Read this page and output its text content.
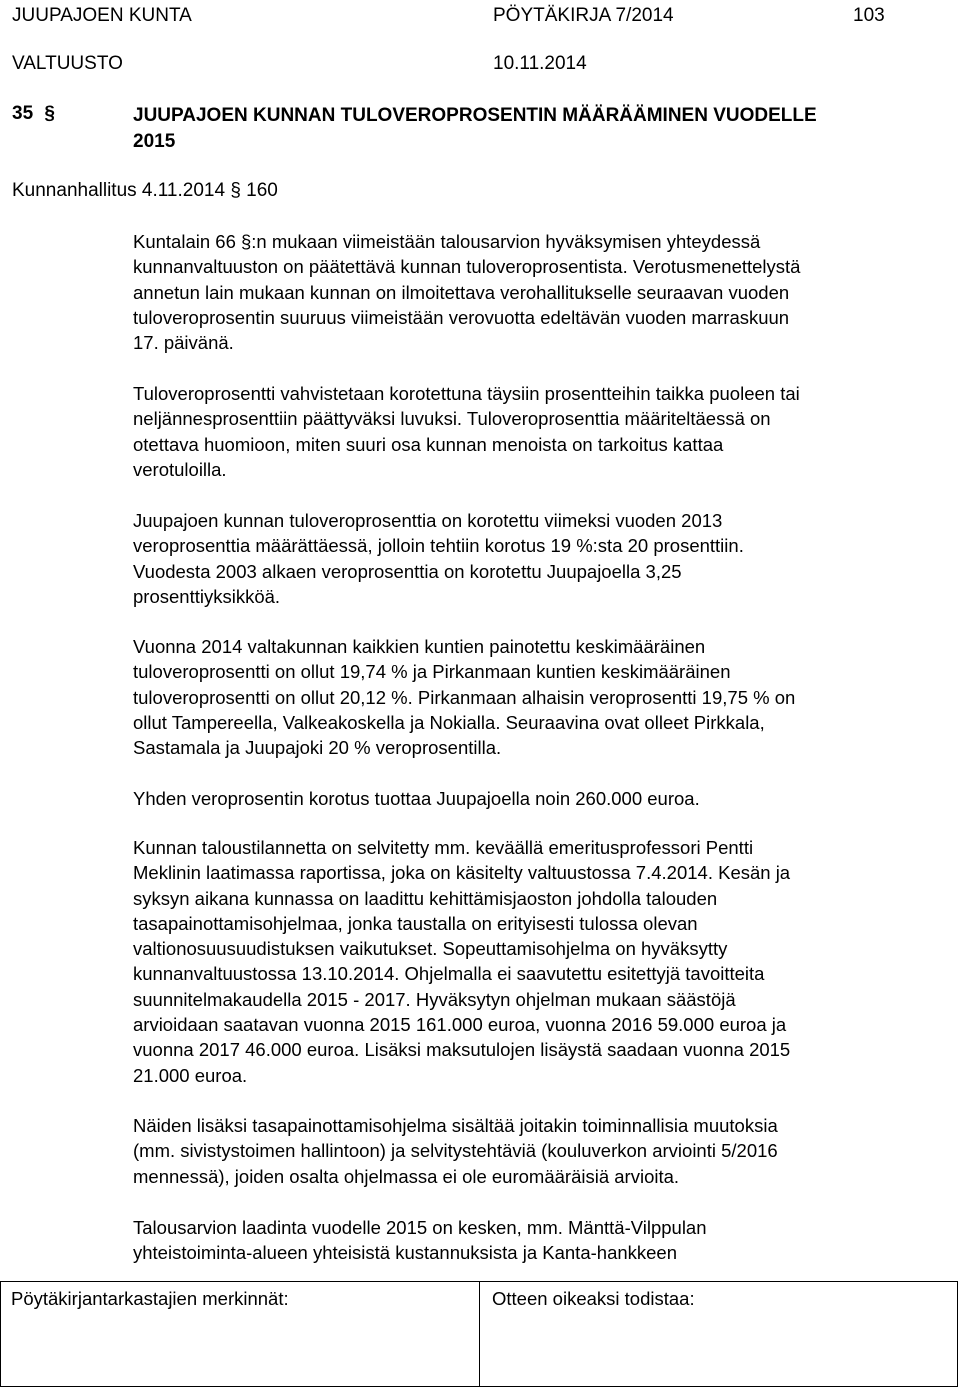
JUUPAJOEN KUNTA	PÖYTÄKIRJA 7/2014	103
VALTUUSTO	10.11.2014
35 §	JUUPAJOEN KUNNAN TULOVEROPROSENTIN MÄÄRÄÄMINEN VUODELLE
2015
Kunnanhallitus 4.11.2014 § 160
Kuntalain 66 §:n mukaan viimeistään talousarvion hyväksymisen yhteydessä
kunnanvaltuuston on päätettävä kunnan tuloveroprosentista. Verotusmenettelystä
annetun lain mukaan kunnan on ilmoitettava verohallitukselle seuraavan vuoden
tuloveroprosentin suuruus viimeistään verovuotta edeltävän vuoden marraskuun
17. päivänä.
Tuloveroprosentti vahvistetaan korotettuna täysiin prosentteihin taikka puoleen tai
neljännesprosenttiin päättyväksi luvuksi. Tuloveroprosenttia määriteltäessä on
otettava huomioon, miten suuri osa kunnan menoista on tarkoitus kattaa
verotuloilla.
Juupajoen kunnan tuloveroprosenttia on korotettu viimeksi vuoden 2013
veroprosenttia määrättäessä, jolloin tehtiin korotus 19 %:sta 20 prosenttiin.
Vuodesta 2003 alkaen veroprosenttia on korotettu Juupajoella 3,25
prosenttiyksikköä.
Vuonna 2014 valtakunnan kaikkien kuntien painotettu keskimääräinen
tuloveroprosentti on ollut 19,74 % ja Pirkanmaan kuntien keskimääräinen
tuloveroprosentti on ollut 20,12 %. Pirkanmaan alhaisin veroprosentti 19,75 % on
ollut Tampereella, Valkeakoskella ja Nokialla. Seuraavina ovat olleet Pirkkala,
Sastamala ja Juupajoki 20 % veroprosentilla.
Yhden veroprosentin korotus tuottaa Juupajoella noin 260.000 euroa.
Kunnan taloustilannetta on selvitetty mm. keväällä emeritusprofessori Pentti
Meklinin laatimassa raportissa, joka on käsitelty valtuustossa 7.4.2014. Kesän ja
syksyn aikana kunnassa on laadittu kehittämisjaoston johdolla talouden
tasapainottamisohjelmaa, jonka taustalla on erityisesti tulossa olevan
valtionosuusuudistuksen vaikutukset. Sopeuttamisohjelma on hyväksytty
kunnanvaltuustossa 13.10.2014. Ohjelmalla ei saavutettu esitettyjä tavoitteita
suunnitelmakaudella 2015 - 2017. Hyväksytyn ohjelman mukaan säästöjä
arvioidaan saatavan vuonna 2015 161.000 euroa, vuonna 2016 59.000 euroa ja
vuonna 2017 46.000 euroa. Lisäksi maksutulojen lisäystä saadaan vuonna 2015
21.000 euroa.
Näiden lisäksi tasapainottamisohjelma sisältää joitakin toiminnallisia muutoksia
(mm. sivistystoimen hallintoon) ja selvitystehtäviä (kouluverkon arviointi 5/2016
mennessä), joiden osalta ohjelmassa ei ole euromääräisiä arvioita.
Talousarvion laadinta vuodelle 2015 on kesken, mm. Mänttä-Vilppulan
yhteistoiminta-alueen yhteisistä kustannuksista ja Kanta-hankkeen
Pöytäkirjantarkastajien merkinnät:	Otteen oikeaksi todistaa:
